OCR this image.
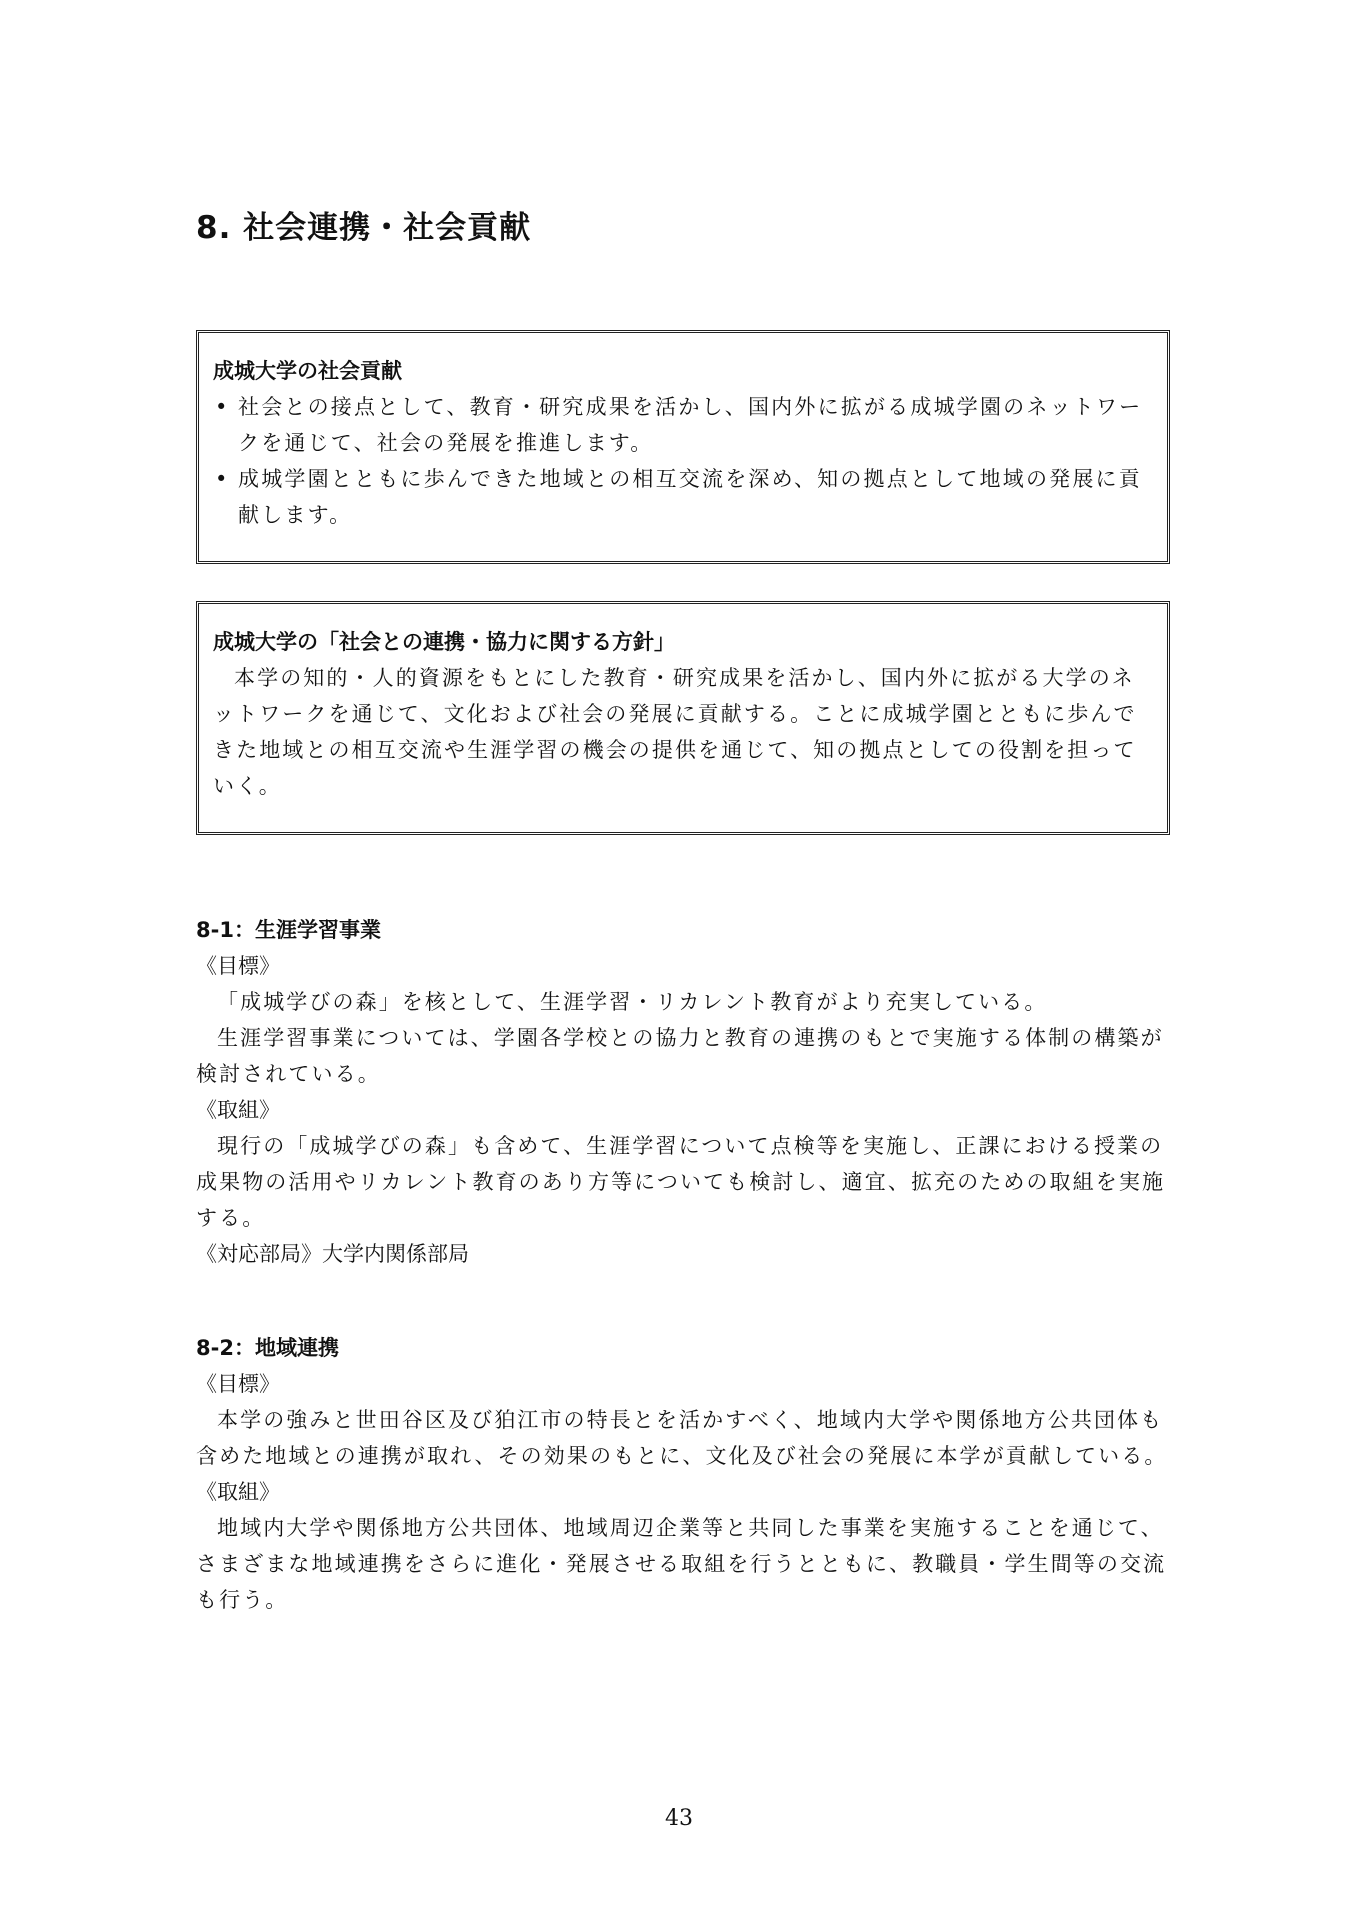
8. 社会連携・社会貢献

成城大学の社会貢献

• 社会との接点として、教育・研究成果を活かし、国内外に拡がる成城学園のネットワークを通じて、社会の発展を推進します。
• 成城学園とともに歩んできた地域との相互交流を深め、知の拠点として地域の発展に貢献します。

成城大学の「社会との連携・協力に関する方針」

本学の知的・人的資源をもとにした教育・研究成果を活かし、国内外に拡がる大学のネットワークを通じて、文化および社会の発展に貢献する。ことに成城学園とともに歩んできた地域との相互交流や生涯学習の機会の提供を通じて、知の拠点としての役割を担っていく。

8-1：生涯学習事業

《目標》

「成城学びの森」を核として、生涯学習・リカレント教育がより充実している。

生涯学習事業については、学園各学校との協力と教育の連携のもとで実施する体制の構築が検討されている。

《取組》

現行の「成城学びの森」も含めて、生涯学習について点検等を実施し、正課における授業の成果物の活用やリカレント教育のあり方等についても検討し、適宜、拡充のための取組を実施する。

《対応部局》大学内関係部局

8-2：地域連携

《目標》

本学の強みと世田谷区及び狛江市の特長とを活かすべく、地域内大学や関係地方公共団体も含めた地域との連携が取れ、その効果のもとに、文化及び社会の発展に本学が貢献している。

《取組》

地域内大学や関係地方公共団体、地域周辺企業等と共同した事業を実施することを通じて、さまざまな地域連携をさらに進化・発展させる取組を行うとともに、教職員・学生間等の交流も行う。

43
